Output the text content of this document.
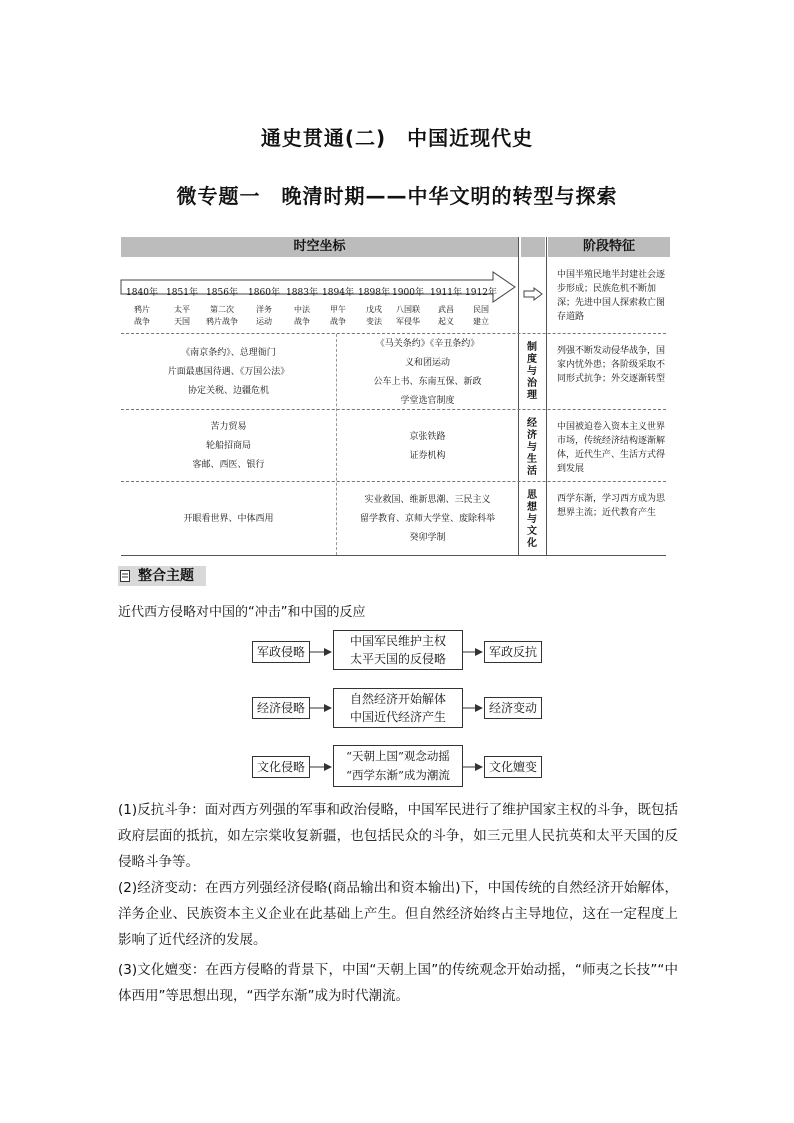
通史贯通(二)　中国近现代史
微专题一　晚清时期——中华文明的转型与探索
时空坐标	阶段特征
1840年
鸦片
战争
1851年
太平
天国
1856年
第二次
鸦片战争
1860年
洋务
运动
1883年
中法
战争
1894年
甲午
战争
1898年
戊戌
变法
1900年
八国联
军侵华
1911年
武昌
起义
1912年
民国
建立
中国半殖民地半封建社会逐步形成；民族危机不断加深；先进中国人探索救亡图存道路
《南京条约》、总理衙门
片面最惠国待遇、《万国公法》
协定关税、边疆危机
《马关条约》《辛丑条约》
义和团运动
公车上书、东南互保、新政
学堂选官制度
制度与治理
列强不断发动侵华战争，国家内忧外患；各阶级采取不同形式抗争；外交逐渐转型
苦力贸易
轮船招商局
客邮、西医、银行
京张铁路
证券机构
经济与生活
中国被迫卷入资本主义世界市场，传统经济结构逐渐解体，近代生产、生活方式得到发展
开眼看世界、中体西用
实业救国、维新思潮、三民主义
留学教育、京师大学堂、废除科举
癸卯学制
思想与文化
西学东渐，学习西方成为思想界主流；近代教育产生
整合主题
近代西方侵略对中国的“冲击”和中国的反应
军政侵略
中国军民维护主权
太平天国的反侵略	军政反抗
经济侵略
自然经济开始解体
中国近代经济产生
经济变动
文化侵略
“天朝上国”观念动摇
“西学东渐”成为潮流
文化嬗变
(1)反抗斗争：面对西方列强的军事和政治侵略，中国军民进行了维护国家主权的斗争，既包括政府层面的抵抗，如左宗棠收复新疆，也包括民众的斗争，如三元里人民抗英和太平天国的反侵略斗争等。
(2)经济变动：在西方列强经济侵略(商品输出和资本输出)下，中国传统的自然经济开始解体，洋务企业、民族资本主义企业在此基础上产生。但自然经济始终占主导地位，这在一定程度上影响了近代经济的发展。
(3)文化嬗变：在西方侵略的背景下，中国“天朝上国”的传统观念开始动摇，“师夷之长技”“中体西用”等思想出现，“西学东渐”成为时代潮流。
